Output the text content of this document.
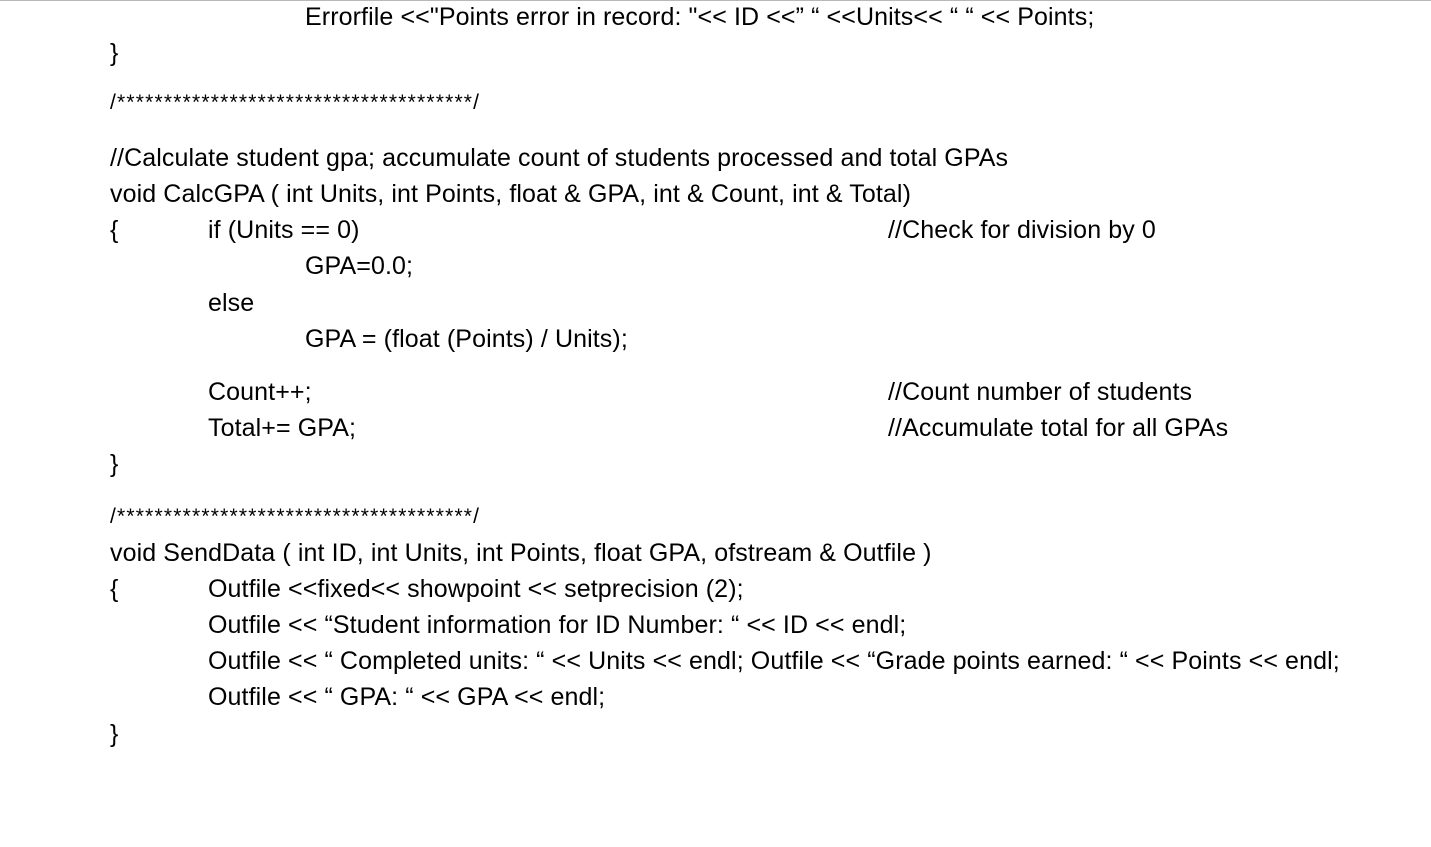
Errorfile <<"Points error in record: "<< ID <<” “ <<Units<< “ “ << Points;
}
/**************************************/
//Calculate student gpa; accumulate count of students processed and total GPAs
void CalcGPA ( int Units, int Points, float & GPA, int & Count, int & Total)
{	if (Units == 0)	//Check for division by 0
GPA=0.0;
else
GPA = (float (Points) / Units);
Count++;	//Count number of students
Total+= GPA;	//Accumulate total for all GPAs
}
/**************************************/
void SendData ( int ID, int Units, int Points, float GPA, ofstream & Outfile )
{	Outfile <<fixed<< showpoint << setprecision (2);
Outfile << “Student information for ID Number: “ << ID << endl;
Outfile << “ Completed units: “ << Units << endl; Outfile << “Grade points earned: “ << Points << endl;
Outfile << “ GPA: “ << GPA << endl;
}
